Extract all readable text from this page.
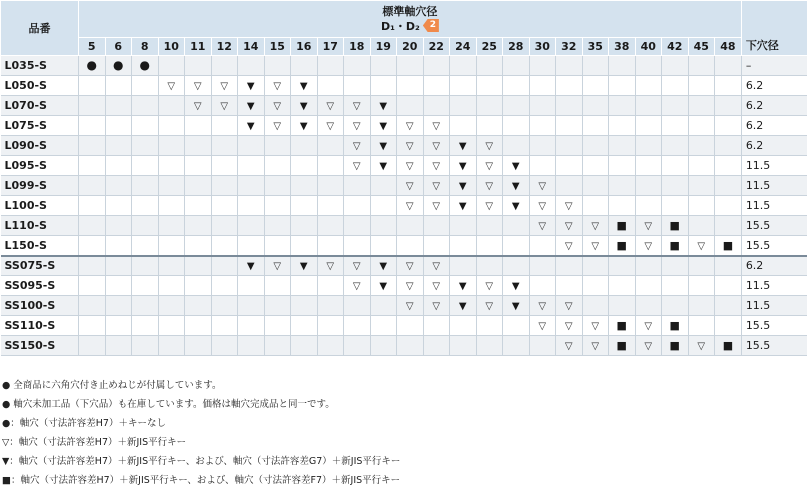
品番	標準軸穴径
D₁・D₂ 2																									下穴径
	5	6	8	10	11	12	14	15	16	17	18	19	20	22	24	25	28	30	32	35	38	40	42	45	48	
L035-S	●	●	●																							–
L050-S				▽	▽	▽	▼	▽	▼																	6.2
L070-S					▽	▽	▼	▽	▼	▽	▽	▼														6.2
L075-S							▼	▽	▼	▽	▽	▼	▽	▽												6.2
L090-S											▽	▼	▽	▽	▼	▽										6.2
L095-S											▽	▼	▽	▽	▼	▽	▼									11.5
L099-S													▽	▽	▼	▽	▼	▽								11.5
L100-S													▽	▽	▼	▽	▼	▽	▽							11.5
L110-S																		▽	▽	▽	■	▽	■			15.5
L150-S																			▽	▽	■	▽	■	▽	■	15.5
SS075-S							▼	▽	▼	▽	▽	▼	▽	▽												6.2
SS095-S											▽	▼	▽	▽	▼	▽	▼									11.5
SS100-S													▽	▽	▼	▽	▼	▽	▽							11.5
SS110-S																		▽	▽	▽	■	▽	■			15.5
SS150-S																			▽	▽	■	▽	■	▽	■	15.5
● 全商品に六角穴付き止めねじが付属しています。
● 軸穴未加工品（下穴品）も在庫しています。価格は軸穴完成品と同一です。
●：軸穴（寸法許容差H7）＋キーなし
▽：軸穴（寸法許容差H7）＋新JIS平行キー
▼：軸穴（寸法許容差H7）＋新JIS平行キー、および、軸穴（寸法許容差G7）＋新JIS平行キー
■：軸穴（寸法許容差H7）＋新JIS平行キー、および、軸穴（寸法許容差F7）＋新JIS平行キー
